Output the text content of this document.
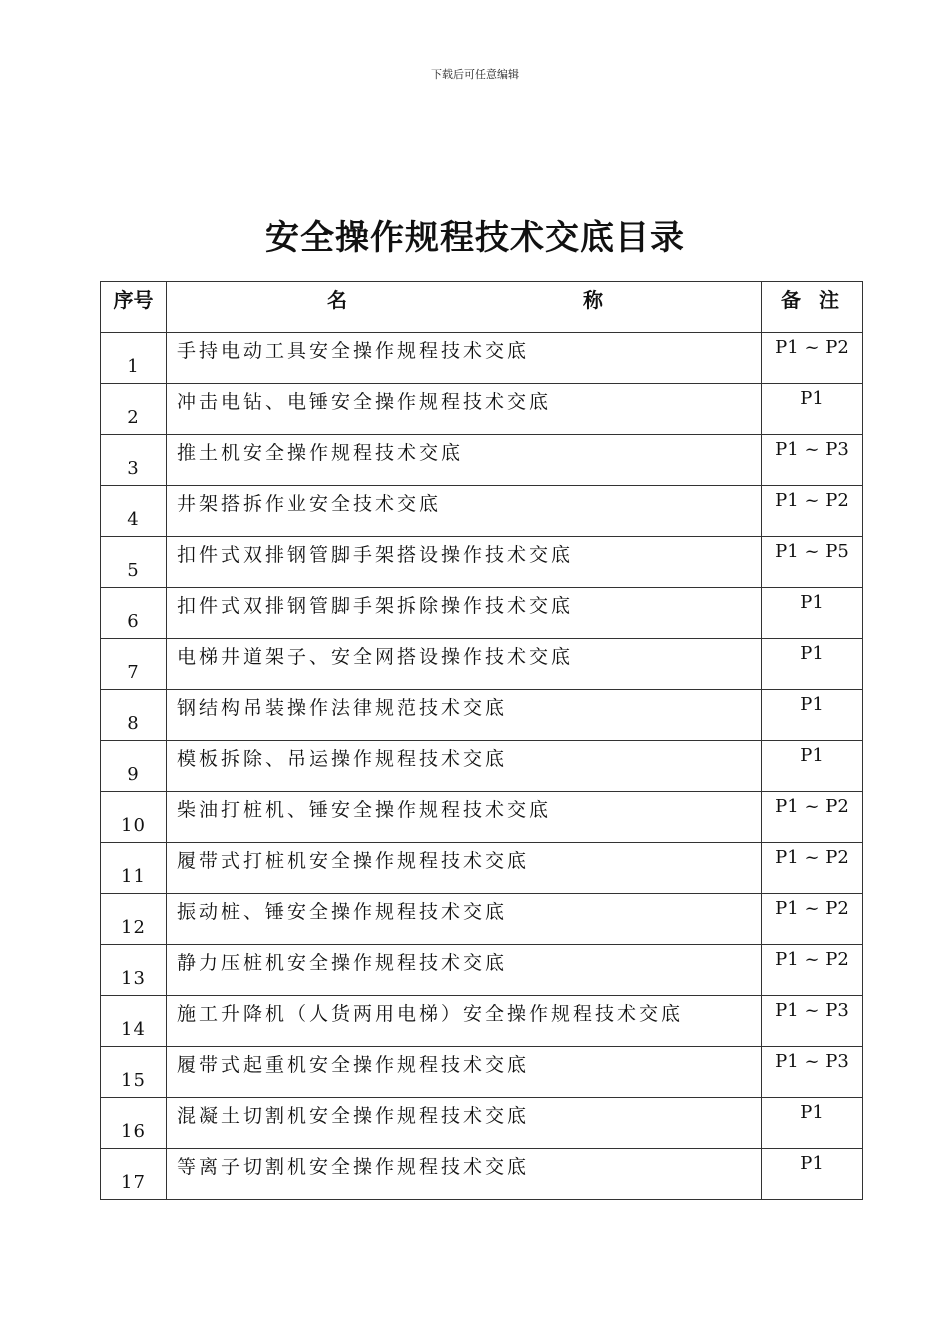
下载后可任意编辑
安全操作规程技术交底目录
序号	名 称	备注
1	手持电动工具安全操作规程技术交底	P1 ~ P2
2	冲击电钻、电锤安全操作规程技术交底	P1
3	推土机安全操作规程技术交底	P1 ~ P3
4	井架搭拆作业安全技术交底	P1 ~ P2
5	扣件式双排钢管脚手架搭设操作技术交底	P1 ~ P5
6	扣件式双排钢管脚手架拆除操作技术交底	P1
7	电梯井道架子、安全网搭设操作技术交底	P1
8	钢结构吊装操作法律规范技术交底	P1
9	模板拆除、吊运操作规程技术交底	P1
10	柴油打桩机、锤安全操作规程技术交底	P1 ~ P2
11	履带式打桩机安全操作规程技术交底	P1 ~ P2
12	振动桩、锤安全操作规程技术交底	P1 ~ P2
13	静力压桩机安全操作规程技术交底	P1 ~ P2
14	施工升降机（人货两用电梯）安全操作规程技术交底	P1 ~ P3
15	履带式起重机安全操作规程技术交底	P1 ~ P3
16	混凝土切割机安全操作规程技术交底	P1
17	等离子切割机安全操作规程技术交底	P1
